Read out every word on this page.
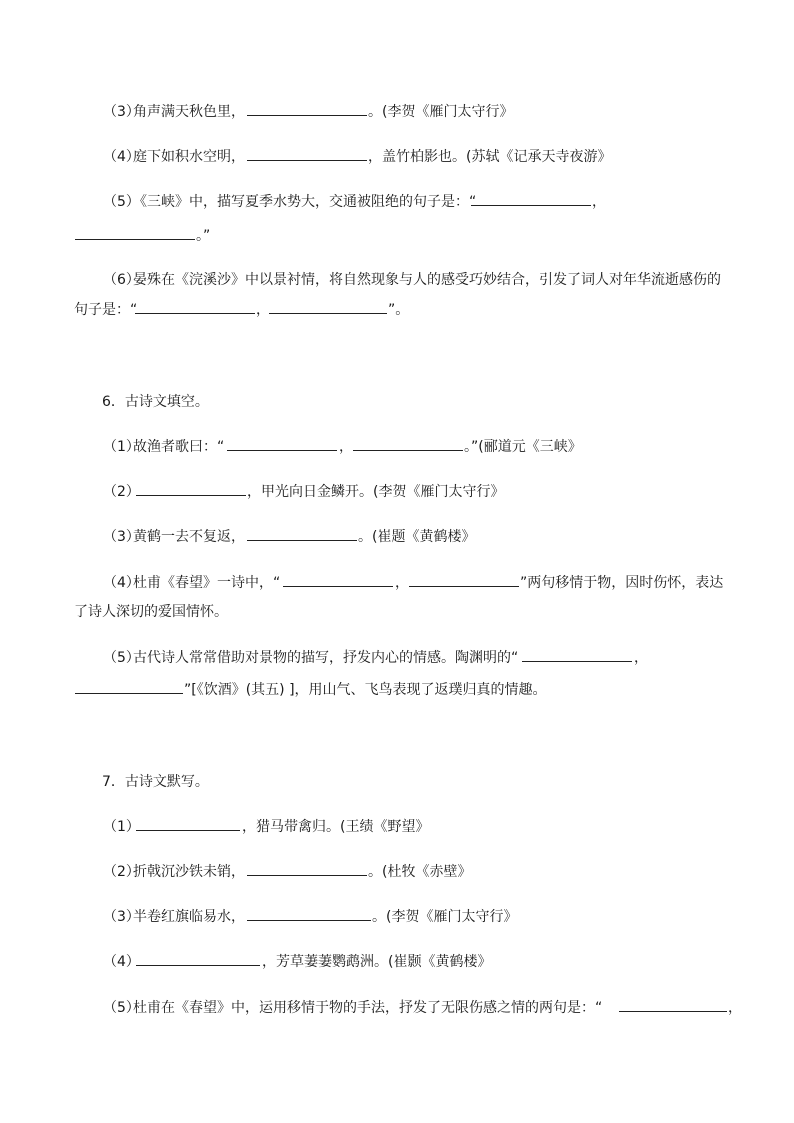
（3）
角声满天秋色里，	。(李贺《雁门太守行》
（4）
庭下如积水空明，	，盖竹柏影也。(苏轼《记承天寺夜游》
（5）
《三峡》中，描写夏季水势大，交通被阻绝的句子是：“	，
。”
（6）
晏殊在《浣溪沙》中以景衬情，将自然现象与人的感受巧妙结合，引发了词人对年华流逝感伤的
句子是：“	，	”。
6．古诗文填空。
（1）
故渔者歌曰：“	，	。”(郦道元《三峡》
（2）	，甲光向日金鳞开。(李贺《雁门太守行》
（3）
黄鹤一去不复返，	。(崔题《黄鹤楼》
（4）
杜甫《春望》一诗中，“	，	”两句移情于物，因时伤怀，表达
了诗人深切的爱国情怀。
（5）
古代诗人常常借助对景物的描写，抒发内心的情感。陶渊明的“	，
”[《饮酒》(其五) ]，用山气、飞鸟表现了返璞归真的情趣。
7．古诗文默写。
（1）	，猎马带禽归。(王绩《野望》
（2）
折戟沉沙铁未销，	。(杜牧《赤壁》
（3）
半卷红旗临易水，	。(李贺《雁门太守行》
（4）	，芳草萋萋鹦鹉洲。(崔颢《黄鹤楼》
（5）
杜甫在《春望》中，运用移情于物的手法，抒发了无限伤感之情的两句是：“	，
